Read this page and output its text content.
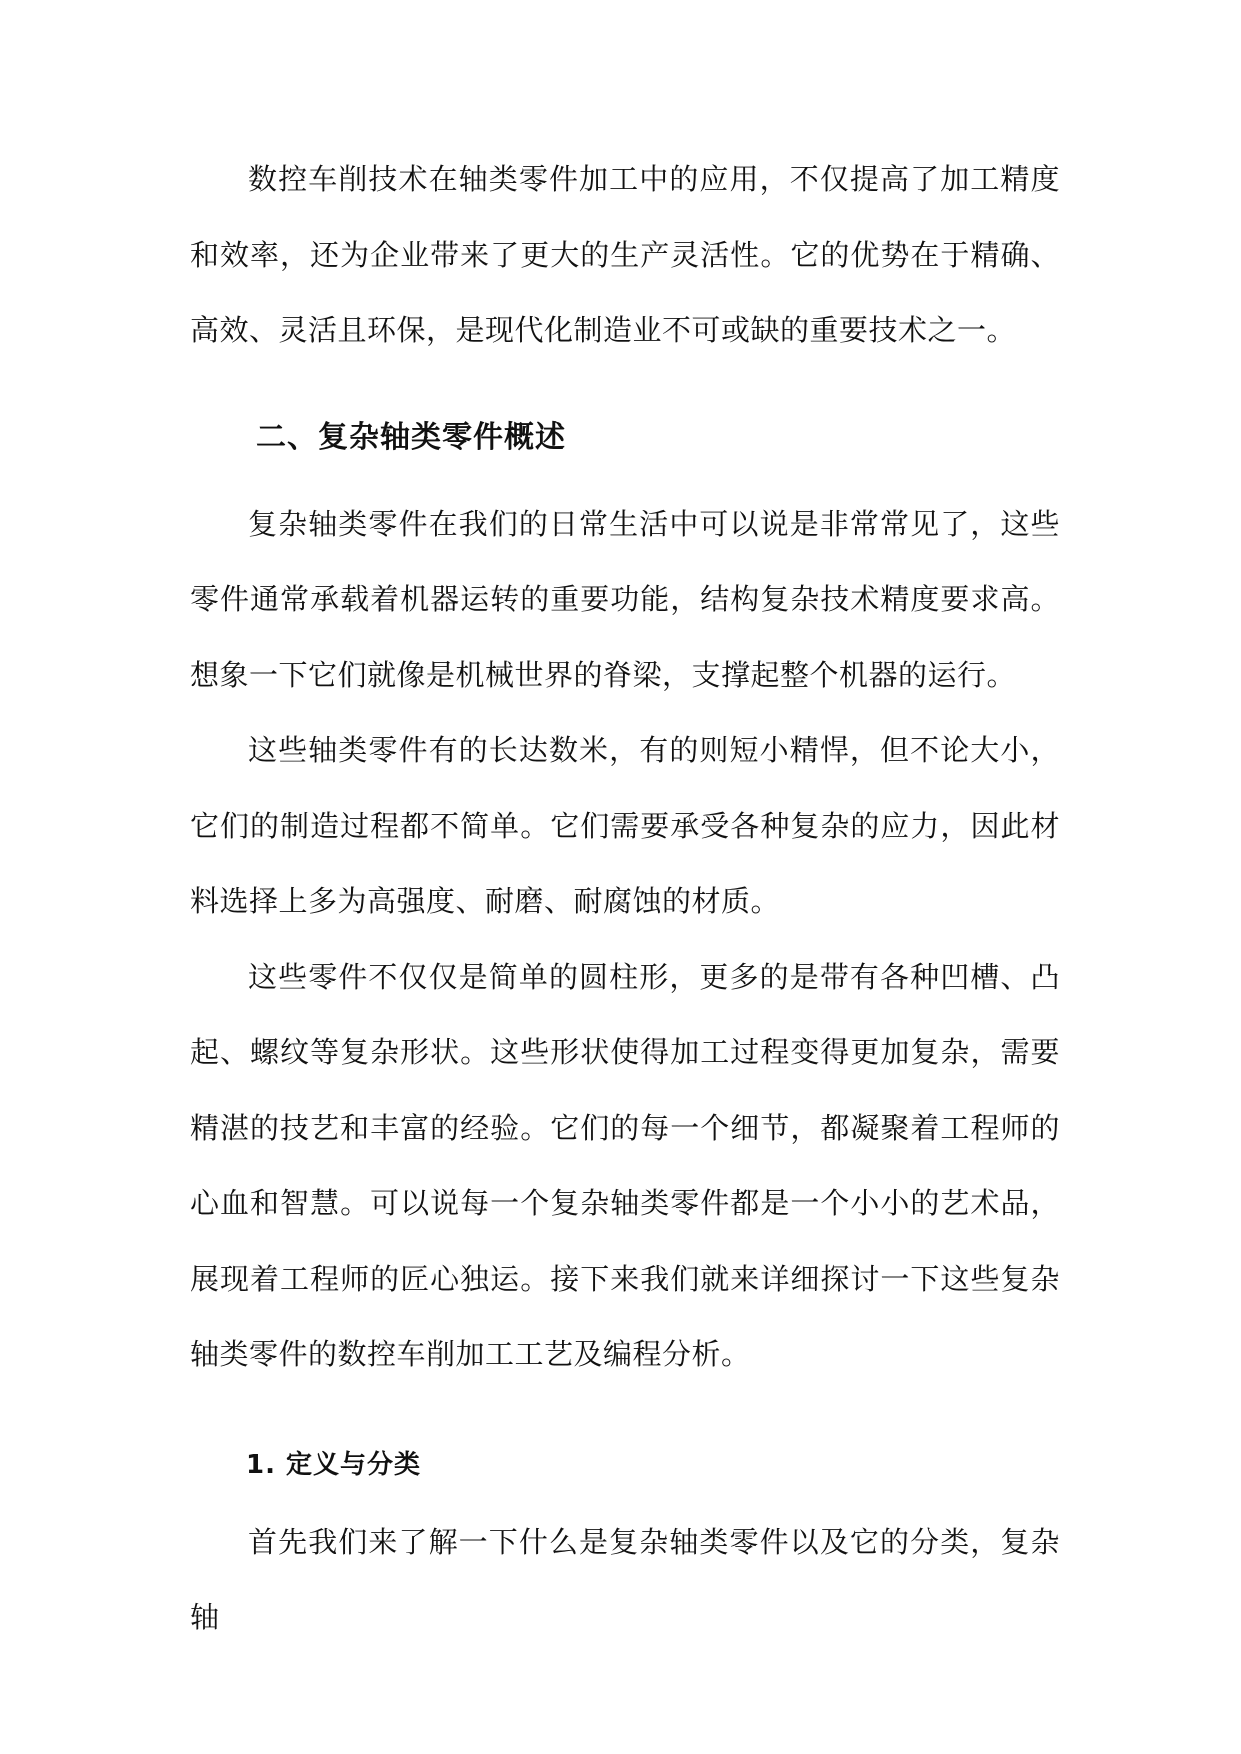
数控车削技术在轴类零件加工中的应用，不仅提高了加工精度和效率，还为企业带来了更大的生产灵活性。它的优势在于精确、高效、灵活且环保，是现代化制造业不可或缺的重要技术之一。

二、复杂轴类零件概述

复杂轴类零件在我们的日常生活中可以说是非常常见了，这些零件通常承载着机器运转的重要功能，结构复杂技术精度要求高。想象一下它们就像是机械世界的脊梁，支撑起整个机器的运行。

这些轴类零件有的长达数米，有的则短小精悍，但不论大小，它们的制造过程都不简单。它们需要承受各种复杂的应力，因此材料选择上多为高强度、耐磨、耐腐蚀的材质。

这些零件不仅仅是简单的圆柱形，更多的是带有各种凹槽、凸起、螺纹等复杂形状。这些形状使得加工过程变得更加复杂，需要精湛的技艺和丰富的经验。它们的每一个细节，都凝聚着工程师的心血和智慧。可以说每一个复杂轴类零件都是一个小小的艺术品，展现着工程师的匠心独运。接下来我们就来详细探讨一下这些复杂轴类零件的数控车削加工工艺及编程分析。

1. 定义与分类

首先我们来了解一下什么是复杂轴类零件以及它的分类，复杂轴
